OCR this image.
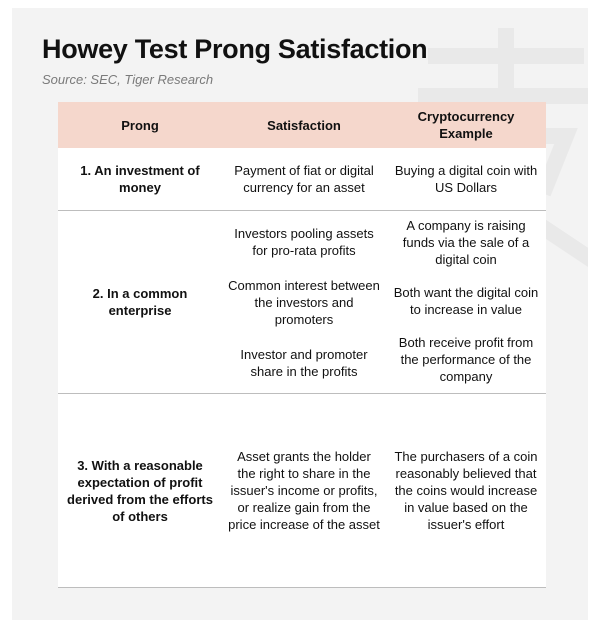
Howey Test Prong Satisfaction

Source: SEC, Tiger Research

Prong	Satisfaction
Cryptocurrency Example
1. An investment of money
Payment of fiat or digital currency for an asset
Buying a digital coin with US Dollars
2. In a common enterprise
Investors pooling assets for pro-rata profits
Common interest between the investors and promoters
Investor and promoter share in the profits
A company is raising funds via the sale of a digital coin
Both want the digital coin to increase in value
Both receive profit from the performance of the company
3. With a reasonable expectation of profit derived from the efforts of others
Asset grants the holder the right to share in the issuer's income or profits, or realize gain from the price increase of the asset
The purchasers of a coin reasonably believed that the coins would increase in value based on the issuer's effort
